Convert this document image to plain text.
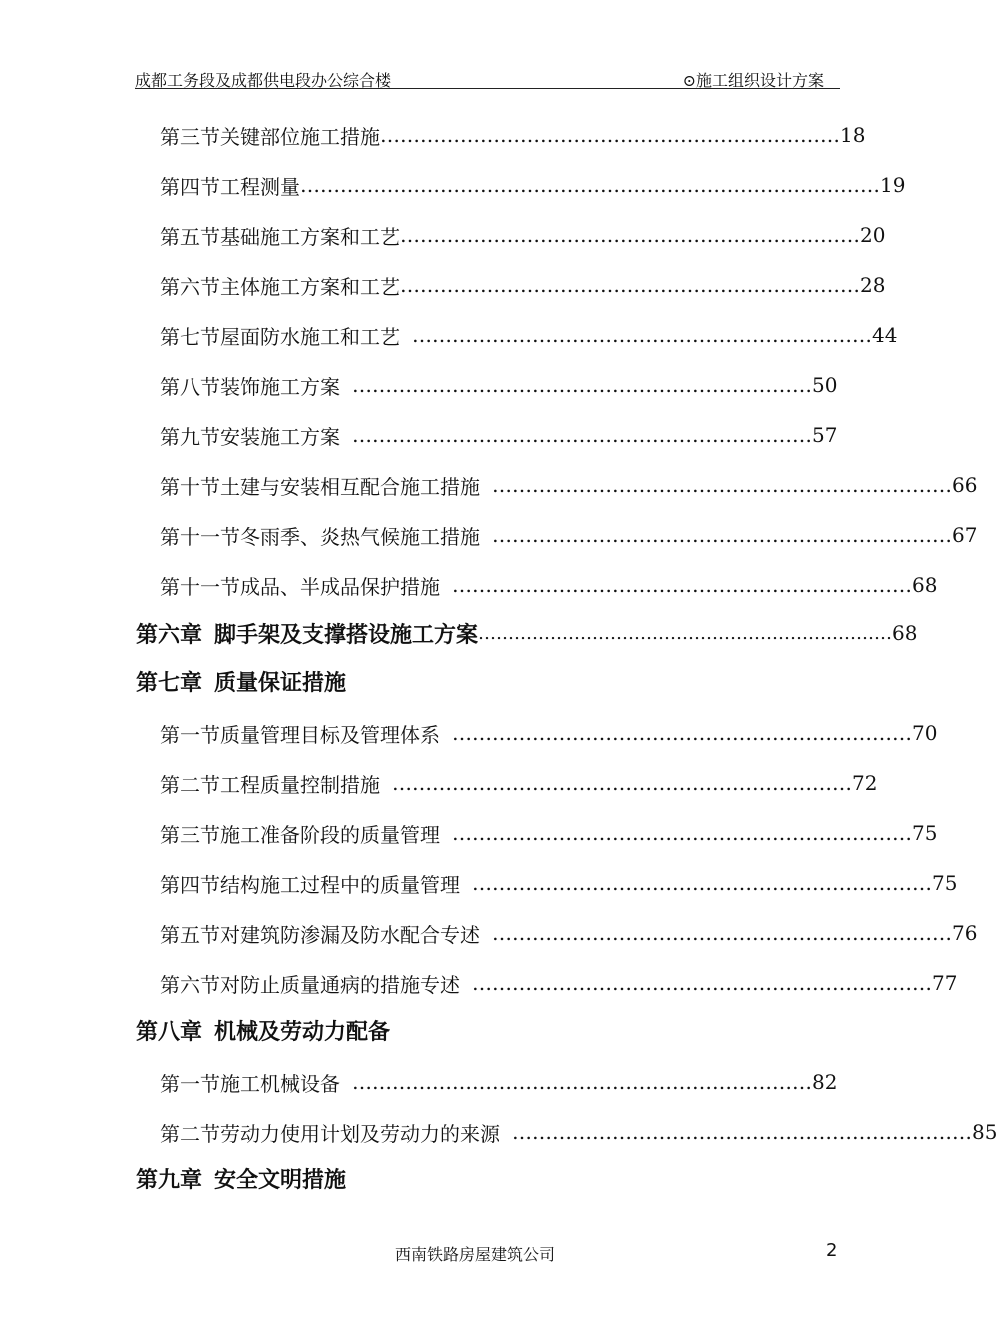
成都工务段及成都供电段办公综合楼	⊙施工组织设计方案
第三节 关键部位施工措施 …………………………………………………………… 18
第四节 工程测量 …………………………………………………………………………… 19
第五节 基础施工方案和工艺 …………………………………………………………… 20
第六节 主体施工方案和工艺 …………………………………………………………… 28
第七节 屋面防水施工和工艺 …………………………………………………………… 44
第八节 装饰施工方案 …………………………………………………………… 50
第九节 安装施工方案 …………………………………………………………… 57
第十节 土建与安装相互配合施工措施 …………………………………………………………… 66
第十一节 冬雨季、炎热气候施工措施 …………………………………………………………… 67
第十一节 成品、半成品保护措施 …………………………………………………………… 68
第六章 脚手架及支撑搭设施工方案 …………………………………………………………… 68
第七章 质量保证措施
第一节 质量管理目标及管理体系 …………………………………………………………… 70
第二节 工程质量控制措施 …………………………………………………………… 72
第三节 施工准备阶段的质量管理 …………………………………………………………… 75
第四节 结构施工过程中的质量管理 …………………………………………………………… 75
第五节 对建筑防渗漏及防水配合专述 …………………………………………………………… 76
第六节 对防止质量通病的措施专述 …………………………………………………………… 77
第八章 机械及劳动力配备
第一节 施工机械设备 …………………………………………………………… 82
第二节 劳动力使用计划及劳动力的来源 …………………………………………………………… 85
第九章 安全文明措施
西南铁路房屋建筑公司	2
